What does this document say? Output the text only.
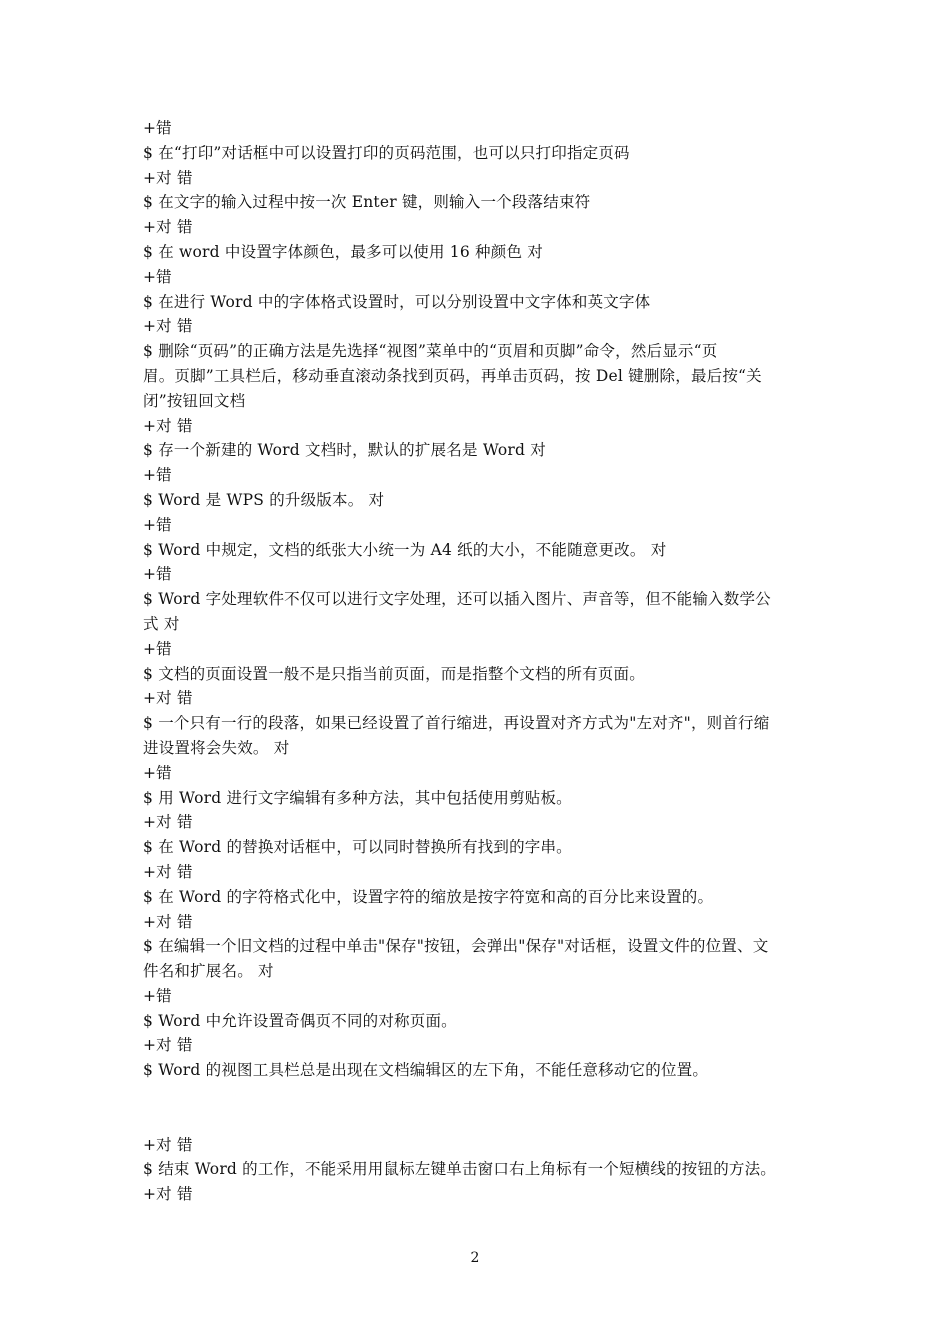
+错
$ 在“打印”对话框中可以设置打印的页码范围，也可以只打印指定页码
+对 错
$ 在文字的输入过程中按一次 Enter 键，则输入一个段落结束符
+对 错
$ 在 word 中设置字体颜色，最多可以使用 16 种颜色 对
+错
$ 在进行 Word 中的字体格式设置时，可以分别设置中文字体和英文字体
+对 错
$ 删除“页码”的正确方法是先选择“视图”菜单中的“页眉和页脚”命令，然后显示“页
眉。页脚”工具栏后，移动垂直滚动条找到页码，再单击页码，按 Del 键删除，最后按“关
闭”按钮回文档
+对 错
$ 存一个新建的 Word 文档时，默认的扩展名是 Word 对
+错
$ Word 是 WPS 的升级版本。 对
+错
$ Word 中规定，文档的纸张大小统一为 A4 纸的大小，不能随意更改。 对
+错
$ Word 字处理软件不仅可以进行文字处理，还可以插入图片、声音等，但不能输入数学公
式 对
+错
$ 文档的页面设置一般不是只指当前页面，而是指整个文档的所有页面。
+对 错
$ 一个只有一行的段落，如果已经设置了首行缩进，再设置对齐方式为"左对齐"，则首行缩
进设置将会失效。 对
+错
$ 用 Word 进行文字编辑有多种方法，其中包括使用剪贴板。
+对 错
$ 在 Word 的替换对话框中，可以同时替换所有找到的字串。
+对 错
$ 在 Word 的字符格式化中，设置字符的缩放是按字符宽和高的百分比来设置的。
+对 错
$ 在编辑一个旧文档的过程中单击"保存"按钮，会弹出"保存"对话框，设置文件的位置、文
件名和扩展名。 对
+错
$ Word 中允许设置奇偶页不同的对称页面。
+对 错
$ Word 的视图工具栏总是出现在文档编辑区的左下角，不能任意移动它的位置。
+对 错
$ 结束 Word 的工作，不能采用用鼠标左键单击窗口右上角标有一个短横线的按钮的方法。
+对 错
2
